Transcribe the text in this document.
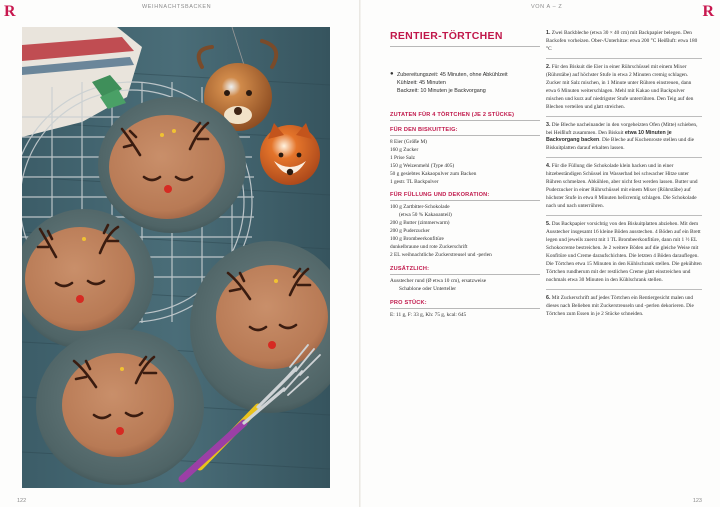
R	WEIHNACHTSBACKEN	VON A – Z	R
RENTIER-TÖRTCHEN
● Zubereitungszeit: 45 Minuten, ohne Abkühlzeit
Kühlzeit: 45 Minuten
Backzeit: 10 Minuten je Backvorgang
ZUTATEN FÜR 4 TÖRTCHEN (JE 2 STÜCKE)
FÜR DEN BISKUITTEIG:
8 Eier (Größe M)
160 g Zucker
1 Prise Salz
150 g Weizenmehl (Type 405)
50 g gesiebtes Kakaopulver zum Backen
1 gestr. TL Backpulver
FÜR FÜLLUNG UND DEKORATION:
100 g Zartbitter-Schokolade
(etwa 50 % Kakaoanteil)
200 g Butter (zimmerwarm)
200 g Puderzucker
100 g Brombeerkonfitüre
dunkelbraune und rote Zuckerschrift
2 EL weihnachtliche Zuckerstreusel und -perlen
ZUSÄTZLICH:
Ausstecher rund (Ø etwa 10 cm), ersatzweise
Schablone oder Unterteller
PRO STÜCK:
E: 11 g, F: 33 g, Kh: 75 g, kcal: 645
1. Zwei Backbleche (etwa 30 × 40 cm) mit Backpapier belegen. Den Backofen vorheizen. Ober-/Unterhitze: etwa 200 °C Heißluft: etwa 180 °C
2. Für den Biskuit die Eier in einer Rührschüssel mit einem Mixer (Rührstäbe) auf höchster Stufe in etwa 2 Minuten cremig schlagen. Zucker mit Salz mischen, in 1 Minute unter Rühren einstreuen, dann etwa 6 Minuten weiterschlagen. Mehl mit Kakao und Backpulver mischen und kurz auf niedrigster Stufe unterrühren. Den Teig auf den Blechen verteilen und glatt streichen.
3. Die Bleche nacheinander in den vorgeheizten Ofen (Mitte) schieben, bei Heißluft zusammen. Den Biskuit etwa 10 Minuten je Backvorgang backen. Die Bleche auf Kuchenroste stellen und die Biskuitplatten darauf erkalten lassen.
4. Für die Füllung die Schokolade klein hacken und in einer hitzebeständigen Schüssel im Wasserbad bei schwacher Hitze unter Rühren schmelzen. Abkühlen, aber nicht fest werden lassen. Butter und Puderzucker in einer Rührschüssel mit einem Mixer (Rührstäbe) auf höchster Stufe in etwa 8 Minuten hellcremig schlagen. Die Schokolade nach und nach unterrühren.
5. Das Backpapier vorsichtig von den Biskuitplatten abziehen. Mit dem Ausstecher insgesamt 16 kleine Böden ausstechen. 4 Böden auf ein Brett legen und jeweils zuerst mit 1 TL Brombeerkonfitüre, dann mit 1 ½ EL Schokocreme bestreichen. Je 2 weitere Böden auf die gleiche Weise mit Konfitüre und Creme daraufschichten. Die letzten 4 Böden darauflegen. Die Törtchen etwa 15 Minuten in den Kühlschrank stellen. Die gekühlten Törtchen rundherum mit der restlichen Creme glatt einstreichen und nochmals etwa 30 Minuten in den Kühlschrank stellen.
6. Mit Zuckerschrift auf jedes Törtchen ein Rentiergesicht malen und dieses nach Belieben mit Zuckerstreuseln und -perlen dekorieren. Die Törtchen zum Essen in je 2 Stücke schneiden.
122	123
